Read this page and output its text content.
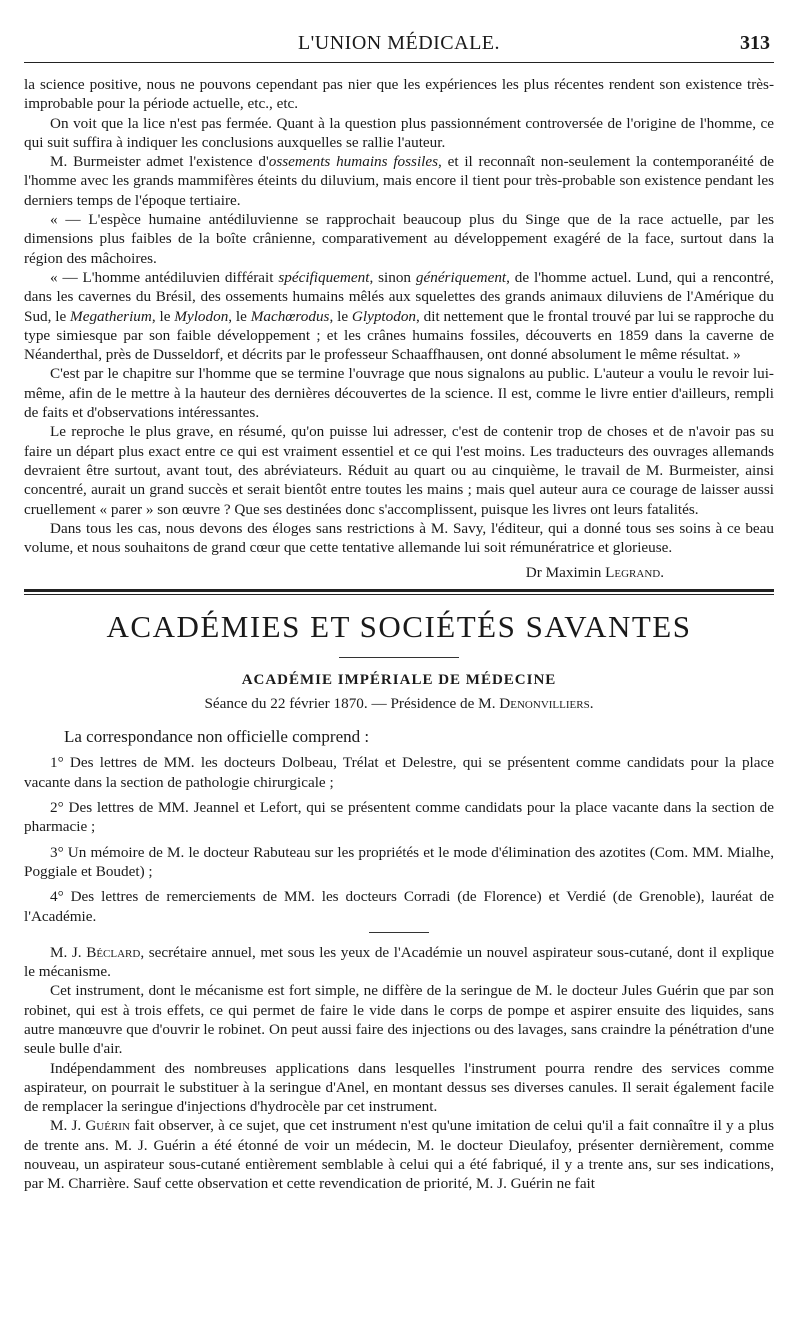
L'UNION MÉDICALE.	313

la science positive, nous ne pouvons cependant pas nier que les expériences les plus récentes rendent son existence très-improbable pour la période actuelle, etc., etc.

On voit que la lice n'est pas fermée. Quant à la question plus passionnément controversée de l'origine de l'homme, ce qui suit suffira à indiquer les conclusions auxquelles se rallie l'auteur.

M. Burmeister admet l'existence d'ossements humains fossiles, et il reconnaît non-seulement la contemporanéité de l'homme avec les grands mammifères éteints du diluvium, mais encore il tient pour très-probable son existence pendant les derniers temps de l'époque tertiaire.

« — L'espèce humaine antédiluvienne se rapprochait beaucoup plus du Singe que de la race actuelle, par les dimensions plus faibles de la boîte crânienne, comparativement au développement exagéré de la face, surtout dans la région des mâchoires.

« — L'homme antédiluvien différait spécifiquement, sinon génériquement, de l'homme actuel. Lund, qui a rencontré, dans les cavernes du Brésil, des ossements humains mêlés aux squelettes des grands animaux diluviens de l'Amérique du Sud, le Megatherium, le Mylodon, le Machœrodus, le Glyptodon, dit nettement que le frontal trouvé par lui se rapproche du type simiesque par son faible développement ; et les crânes humains fossiles, découverts en 1859 dans la caverne de Néanderthal, près de Dusseldorf, et décrits par le professeur Schaaffhausen, ont donné absolument le même résultat. »

C'est par le chapitre sur l'homme que se termine l'ouvrage que nous signalons au public. L'auteur a voulu le revoir lui-même, afin de le mettre à la hauteur des dernières découvertes de la science. Il est, comme le livre entier d'ailleurs, rempli de faits et d'observations intéressantes.

Le reproche le plus grave, en résumé, qu'on puisse lui adresser, c'est de contenir trop de choses et de n'avoir pas su faire un départ plus exact entre ce qui est vraiment essentiel et ce qui l'est moins. Les traducteurs des ouvrages allemands devraient être surtout, avant tout, des abréviateurs. Réduit au quart ou au cinquième, le travail de M. Burmeister, ainsi concentré, aurait un grand succès et serait bientôt entre toutes les mains ; mais quel auteur aura ce courage de laisser aussi cruellement « parer » son œuvre ? Que ses destinées donc s'accomplissent, puisque les livres ont leurs fatalités.

Dans tous les cas, nous devons des éloges sans restrictions à M. Savy, l'éditeur, qui a donné tous ses soins à ce beau volume, et nous souhaitons de grand cœur que cette tentative allemande lui soit rémunératrice et glorieuse.

Dr Maximin Legrand.
ACADÉMIES ET SOCIÉTÉS SAVANTES
ACADÉMIE IMPÉRIALE DE MÉDECINE
Séance du 22 février 1870. — Présidence de M. Denonvilliers.
La correspondance non officielle comprend :

1° Des lettres de MM. les docteurs Dolbeau, Trélat et Delestre, qui se présentent comme candidats pour la place vacante dans la section de pathologie chirurgicale ;

2° Des lettres de MM. Jeannel et Lefort, qui se présentent comme candidats pour la place vacante dans la section de pharmacie ;

3° Un mémoire de M. le docteur Rabuteau sur les propriétés et le mode d'élimination des azotites (Com. MM. Mialhe, Poggiale et Boudet) ;

4° Des lettres de remerciements de MM. les docteurs Corradi (de Florence) et Verdié (de Grenoble), lauréat de l'Académie.

M. J. Béclard, secrétaire annuel, met sous les yeux de l'Académie un nouvel aspirateur sous-cutané, dont il explique le mécanisme.

Cet instrument, dont le mécanisme est fort simple, ne diffère de la seringue de M. le docteur Jules Guérin que par son robinet, qui est à trois effets, ce qui permet de faire le vide dans le corps de pompe et aspirer ensuite des liquides, sans autre manœuvre que d'ouvrir le robinet. On peut aussi faire des injections ou des lavages, sans craindre la pénétration d'une seule bulle d'air.

Indépendamment des nombreuses applications dans lesquelles l'instrument pourra rendre des services comme aspirateur, on pourrait le substituer à la seringue d'Anel, en montant dessus ses diverses canules. Il serait également facile de remplacer la seringue d'injections d'hydrocèle par cet instrument.

M. J. Guérin fait observer, à ce sujet, que cet instrument n'est qu'une imitation de celui qu'il a fait connaître il y a plus de trente ans. M. J. Guérin a été étonné de voir un médecin, M. le docteur Dieulafoy, présenter dernièrement, comme nouveau, un aspirateur sous-cutané entièrement semblable à celui qui a été fabriqué, il y a trente ans, sur ses indications, par M. Charrière. Sauf cette observation et cette revendication de priorité, M. J. Guérin ne fait
